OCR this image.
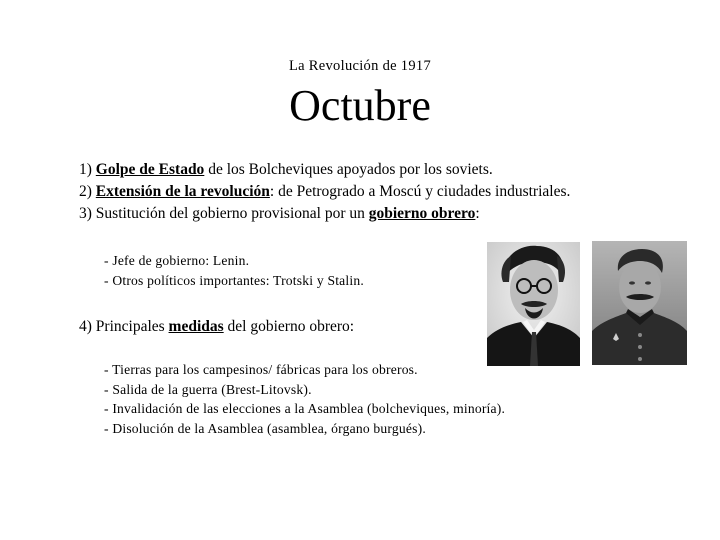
La Revolución de 1917
Octubre
1) Golpe de Estado de los Bolcheviques apoyados por los soviets.
2) Extensión de la revolución: de Petrogrado a Moscú y ciudades industriales.
3) Sustitución del gobierno provisional por un gobierno obrero:
- Jefe de gobierno: Lenin.
- Otros políticos importantes: Trotski y Stalin.
4) Principales medidas del gobierno obrero:
- Tierras para los campesinos/ fábricas para los obreros.
- Salida de la guerra (Brest-Litovsk).
- Invalidación de las elecciones a la Asamblea (bolcheviques, minoría).
- Disolución de la Asamblea (asamblea, órgano burgués).
